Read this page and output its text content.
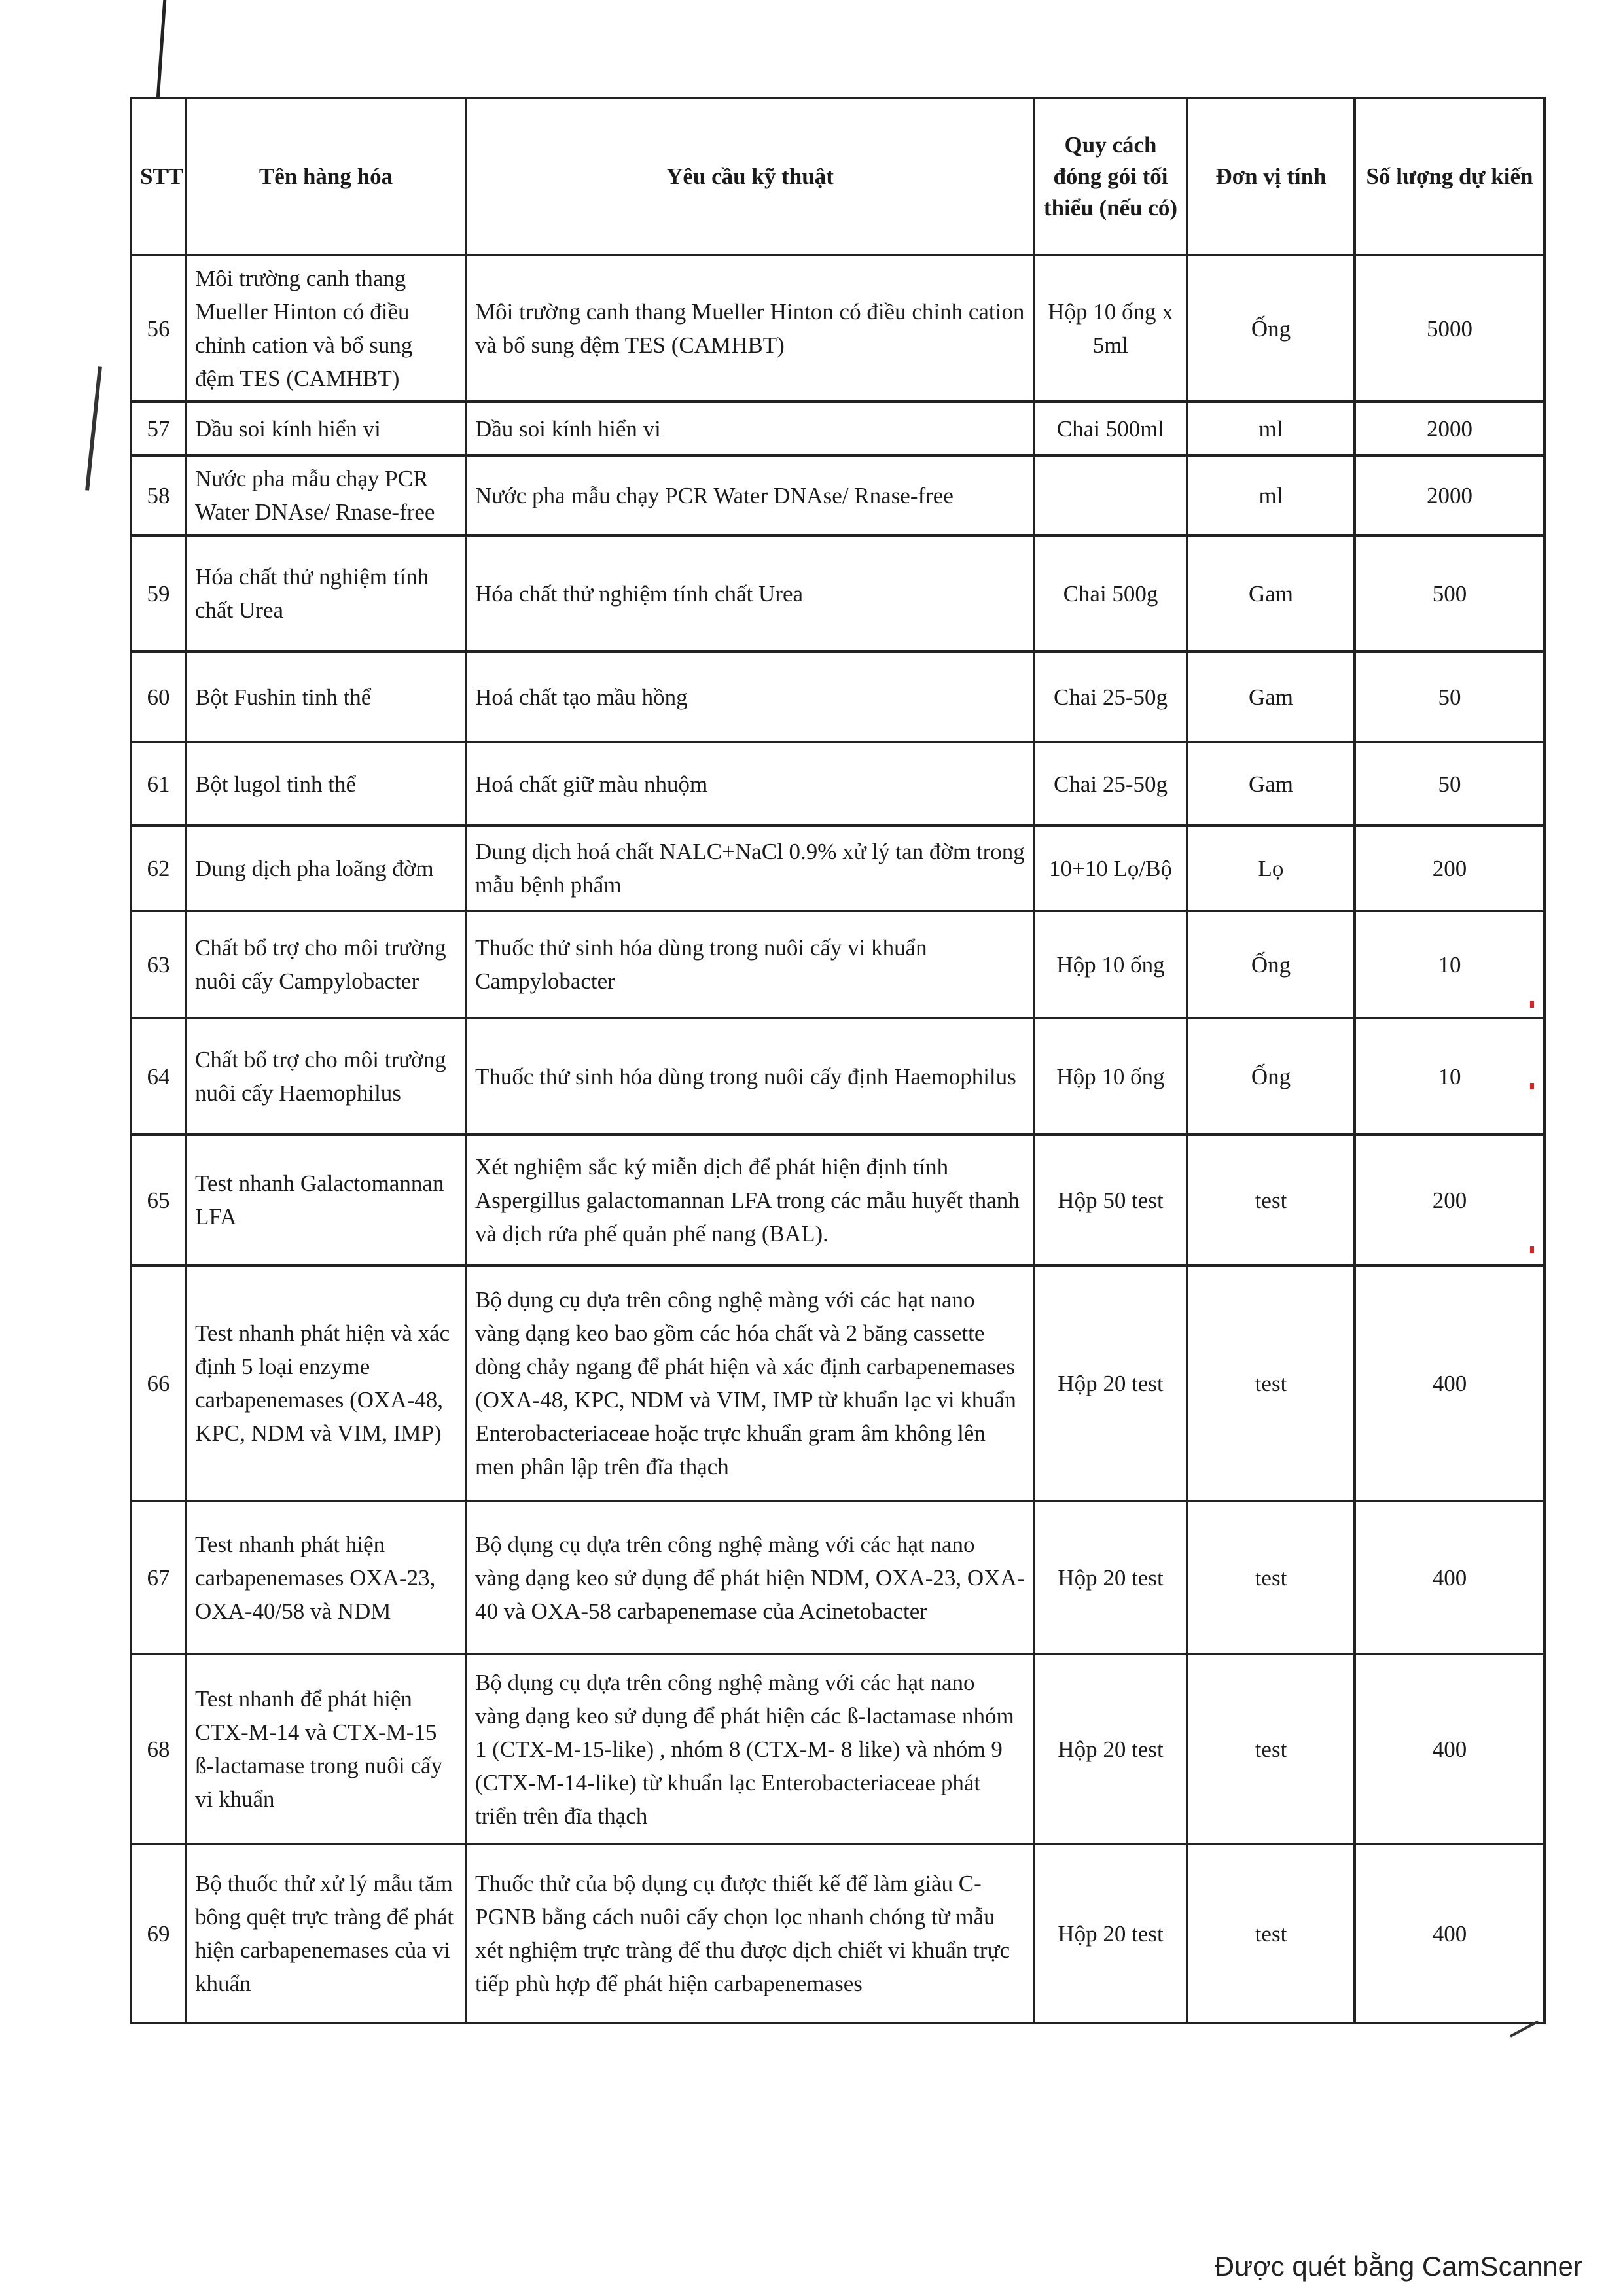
STT	Tên hàng hóa	Yêu cầu kỹ thuật	Quy cách đóng gói tối thiểu (nếu có)	Đơn vị tính	Số lượng dự kiến
56	Môi trường canh thang Mueller Hinton có điều chỉnh cation và bổ sung đệm TES (CAMHBT)	Môi trường canh thang Mueller Hinton có điều chỉnh cation và bổ sung đệm TES (CAMHBT)	Hộp 10 ống x 5ml	Ống	5000
57	Dầu soi kính hiển vi	Dầu soi kính hiển vi	Chai 500ml	ml	2000
58	Nước pha mẫu chạy PCR Water DNAse/ Rnase-free	Nước pha mẫu chạy PCR Water DNAse/ Rnase-free		ml	2000
59	Hóa chất thử nghiệm tính chất Urea	Hóa chất thử nghiệm tính chất Urea	Chai 500g	Gam	500
60	Bột Fushin tinh thể	Hoá chất tạo mầu hồng	Chai 25-50g	Gam	50
61	Bột lugol tinh thể	Hoá chất giữ màu nhuộm	Chai 25-50g	Gam	50
62	Dung dịch pha loãng đờm	Dung dịch hoá chất NALC+NaCl 0.9% xử lý tan đờm trong mẫu bệnh phẩm	10+10 Lọ/Bộ	Lọ	200
63	Chất bổ trợ cho môi trường nuôi cấy Campylobacter	Thuốc thử sinh hóa dùng trong nuôi cấy vi khuẩn Campylobacter	Hộp 10 ống	Ống	10
64	Chất bổ trợ cho môi trường nuôi cấy Haemophilus	Thuốc thử sinh hóa dùng trong nuôi cấy định Haemophilus	Hộp 10 ống	Ống	10
65	Test nhanh Galactomannan LFA	Xét nghiệm sắc ký miễn dịch để phát hiện định tính Aspergillus galactomannan LFA trong các mẫu huyết thanh và dịch rửa phế quản phế nang (BAL).	Hộp 50 test	test	200
66	Test nhanh phát hiện và xác định 5 loại enzyme carbapenemases (OXA-48, KPC, NDM và VIM, IMP)	Bộ dụng cụ dựa trên công nghệ màng với các hạt nano vàng dạng keo bao gồm các hóa chất và 2 băng cassette dòng chảy ngang để phát hiện và xác định carbapenemases (OXA-48, KPC, NDM và VIM, IMP từ khuẩn lạc vi khuẩn Enterobacteriaceae hoặc trực khuẩn gram âm không lên men phân lập trên đĩa thạch	Hộp 20 test	test	400
67	Test nhanh phát hiện carbapenemases OXA-23, OXA-40/58 và NDM	Bộ dụng cụ dựa trên công nghệ màng với các hạt nano vàng dạng keo sử dụng để phát hiện NDM, OXA-23, OXA-40 và OXA-58 carbapenemase của Acinetobacter	Hộp 20 test	test	400
68	Test nhanh để phát hiện CTX-M-14 và CTX-M-15 ß-lactamase trong nuôi cấy vi khuẩn	Bộ dụng cụ dựa trên công nghệ màng với các hạt nano vàng dạng keo sử dụng để phát hiện các ß-lactamase nhóm 1 (CTX-M-15-like) , nhóm 8 (CTX-M- 8 like) và nhóm 9 (CTX-M-14-like) từ khuẩn lạc Enterobacteriaceae phát triển trên đĩa thạch	Hộp 20 test	test	400
69	Bộ thuốc thử xử lý mẫu tăm bông quệt trực tràng để phát hiện carbapenemases của vi khuẩn	Thuốc thử của bộ dụng cụ được thiết kế để làm giàu C-PGNB bằng cách nuôi cấy chọn lọc nhanh chóng từ mẫu xét nghiệm trực tràng để thu được dịch chiết vi khuẩn trực tiếp phù hợp để phát hiện carbapenemases	Hộp 20 test	test	400
Được quét bằng CamScanner
